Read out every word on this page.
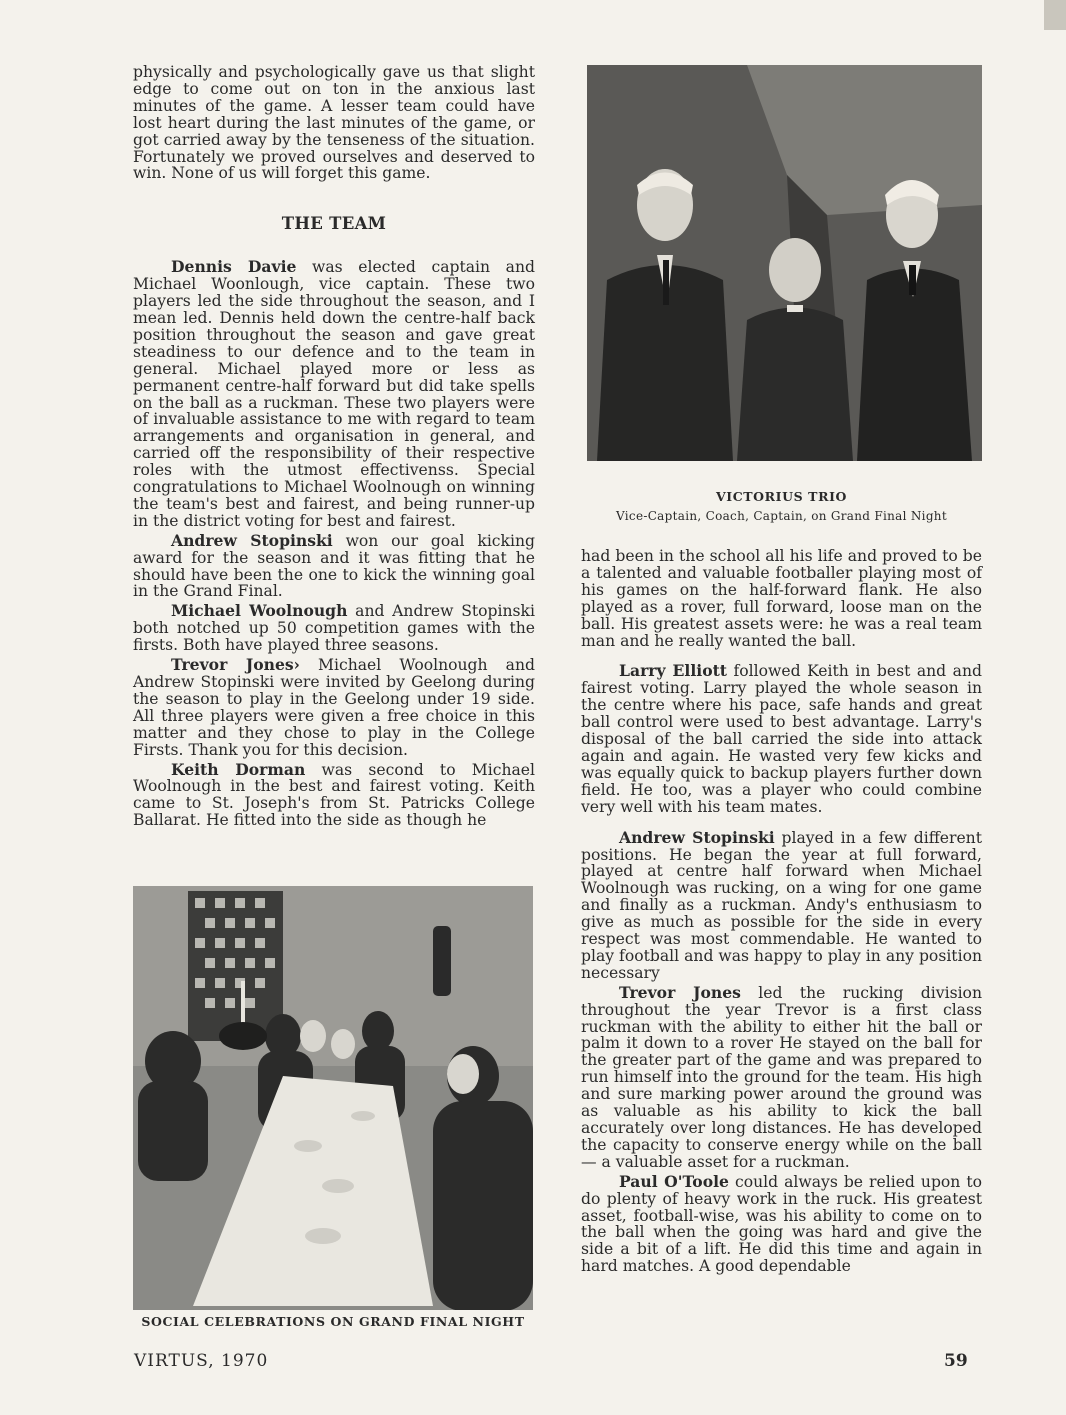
physically and psychologically gave us that slight edge to come out on ton in the anxious last minutes of the game. A lesser team could have lost heart during the last minutes of the game, or got carried away by the tenseness of the situation. Fortunately we proved ourselves and deserved to win. None of us will forget this game.

THE TEAM

Dennis Davie was elected captain and Michael Woonlough, vice captain. These two players led the side throughout the season, and I mean led. Dennis held down the centre-half back position throughout the season and gave great steadiness to our defence and to the team in general. Michael played more or less as permanent centre-half forward but did take spells on the ball as a ruckman. These two players were of invaluable assistance to me with regard to team arrangements and organisation in general, and carried off the responsibility of their respective roles with the utmost effectivenss. Special congratulations to Michael Woolnough on winning the team's best and fairest, and being runner-up in the district voting for best and fairest.

Andrew Stopinski won our goal kicking award for the season and it was fitting that he should have been the one to kick the winning goal in the Grand Final.

Michael Woolnough and Andrew Stopinski both notched up 50 competition games with the firsts. Both have played three seasons.

Trevor Jones› Michael Woolnough and Andrew Stopinski were invited by Geelong during the season to play in the Geelong under 19 side. All three players were given a free choice in this matter and they chose to play in the College Firsts. Thank you for this decision.

Keith Dorman was second to Michael Woolnough in the best and fairest voting. Keith came to St. Joseph's from St. Patricks College Ballarat. He fitted into the side as though he

SOCIAL CELEBRATIONS ON GRAND FINAL NIGHT
VICTORIUS TRIO
Vice-Captain, Coach, Captain, on Grand Final Night

had been in the school all his life and proved to be a talented and valuable footballer playing most of his games on the half-forward flank. He also played as a rover, full forward, loose man on the ball. His greatest assets were: he was a real team man and he really wanted the ball.

Larry Elliott followed Keith in best and and fairest voting. Larry played the whole season in the centre where his pace, safe hands and great ball control were used to best advantage. Larry's disposal of the ball carried the side into attack again and again. He wasted very few kicks and was equally quick to backup players further down field. He too, was a player who could combine very well with his team mates.

Andrew Stopinski played in a few different positions. He began the year at full forward, played at centre half forward when Michael Woolnough was rucking, on a wing for one game and finally as a ruckman. Andy's enthusiasm to give as much as possible for the side in every respect was most commendable. He wanted to play football and was happy to play in any position necessary

Trevor Jones led the rucking division throughout the year Trevor is a first class ruckman with the ability to either hit the ball or palm it down to a rover He stayed on the ball for the greater part of the game and was prepared to run himself into the ground for the team. His high and sure marking power around the ground was as valuable as his ability to kick the ball accurately over long distances. He has developed the capacity to conserve energy while on the ball — a valuable asset for a ruckman.

Paul O'Toole could always be relied upon to do plenty of heavy work in the ruck. His greatest asset, football-wise, was his ability to come on to the ball when the going was hard and give the side a bit of a lift. He did this time and again in hard matches. A good dependable

VIRTUS, 1970	59
